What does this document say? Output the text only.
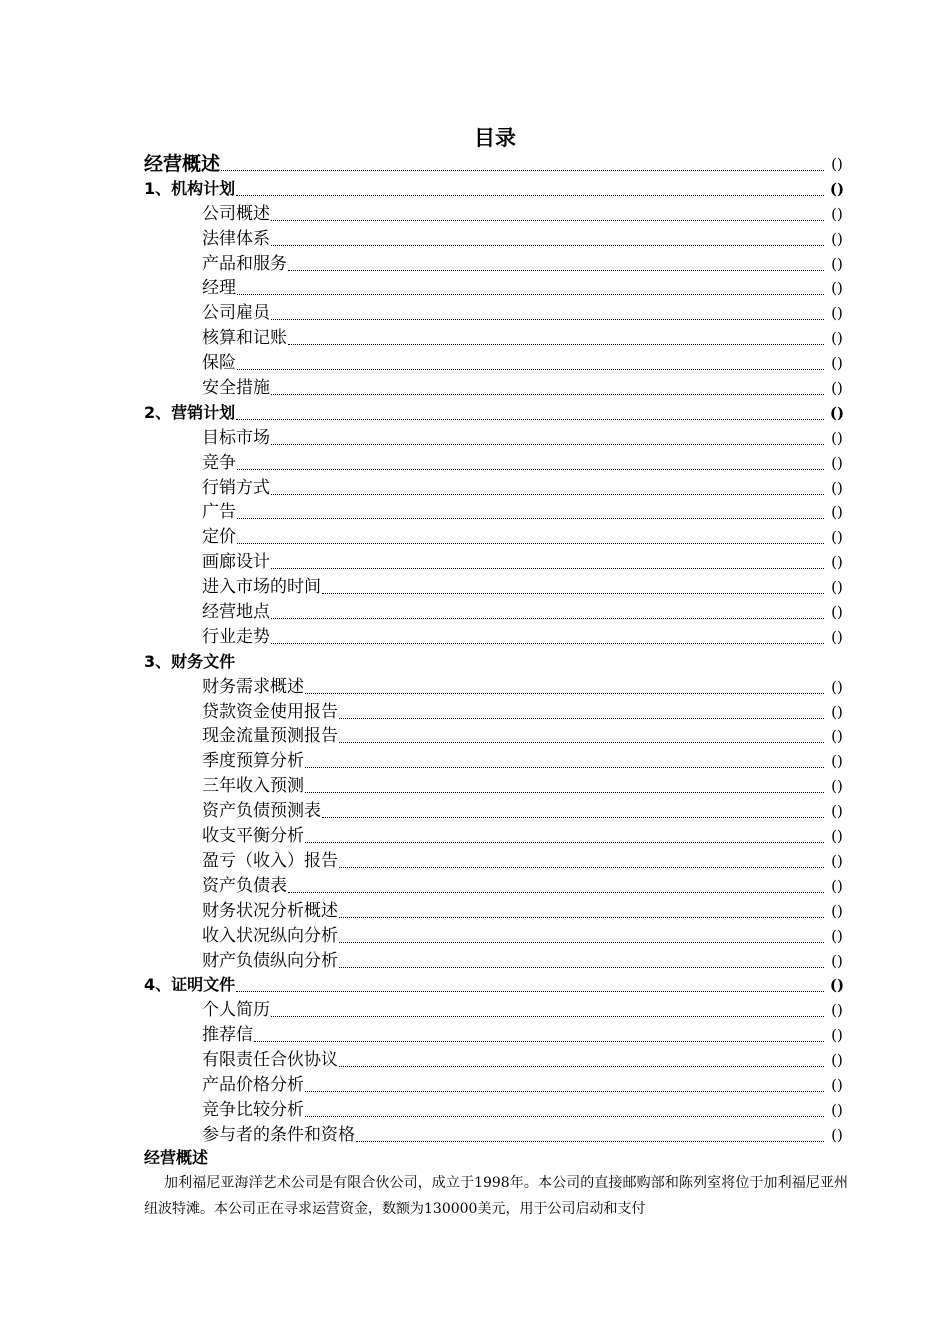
目录
经营概述	()
1、机构计划	()
公司概述	()
法律体系	()
产品和服务	()
经理	()
公司雇员	()
核算和记账	()
保险	()
安全措施	()
2、营销计划	()
目标市场	()
竞争	()
行销方式	()
广告	()
定价	()
画廊设计	()
进入市场的时间	()
经营地点	()
行业走势	()
3、财务文件
财务需求概述	()
贷款资金使用报告	()
现金流量预测报告	()
季度预算分析	()
三年收入预测	()
资产负债预测表	()
收支平衡分析	()
盈亏（收入）报告	()
资产负债表	()
财务状况分析概述	()
收入状况纵向分析	()
财产负债纵向分析	()
4、证明文件	()
个人简历	()
推荐信	()
有限责任合伙协议	()
产品价格分析	()
竞争比较分析	()
参与者的条件和资格	()
经营概述

加利福尼亚海洋艺术公司是有限合伙公司，成立于1998年。本公司的直接邮购部和陈列室将位于加利福尼亚州纽波特滩。本公司正在寻求运营资金，数额为130000美元，用于公司启动和支付
